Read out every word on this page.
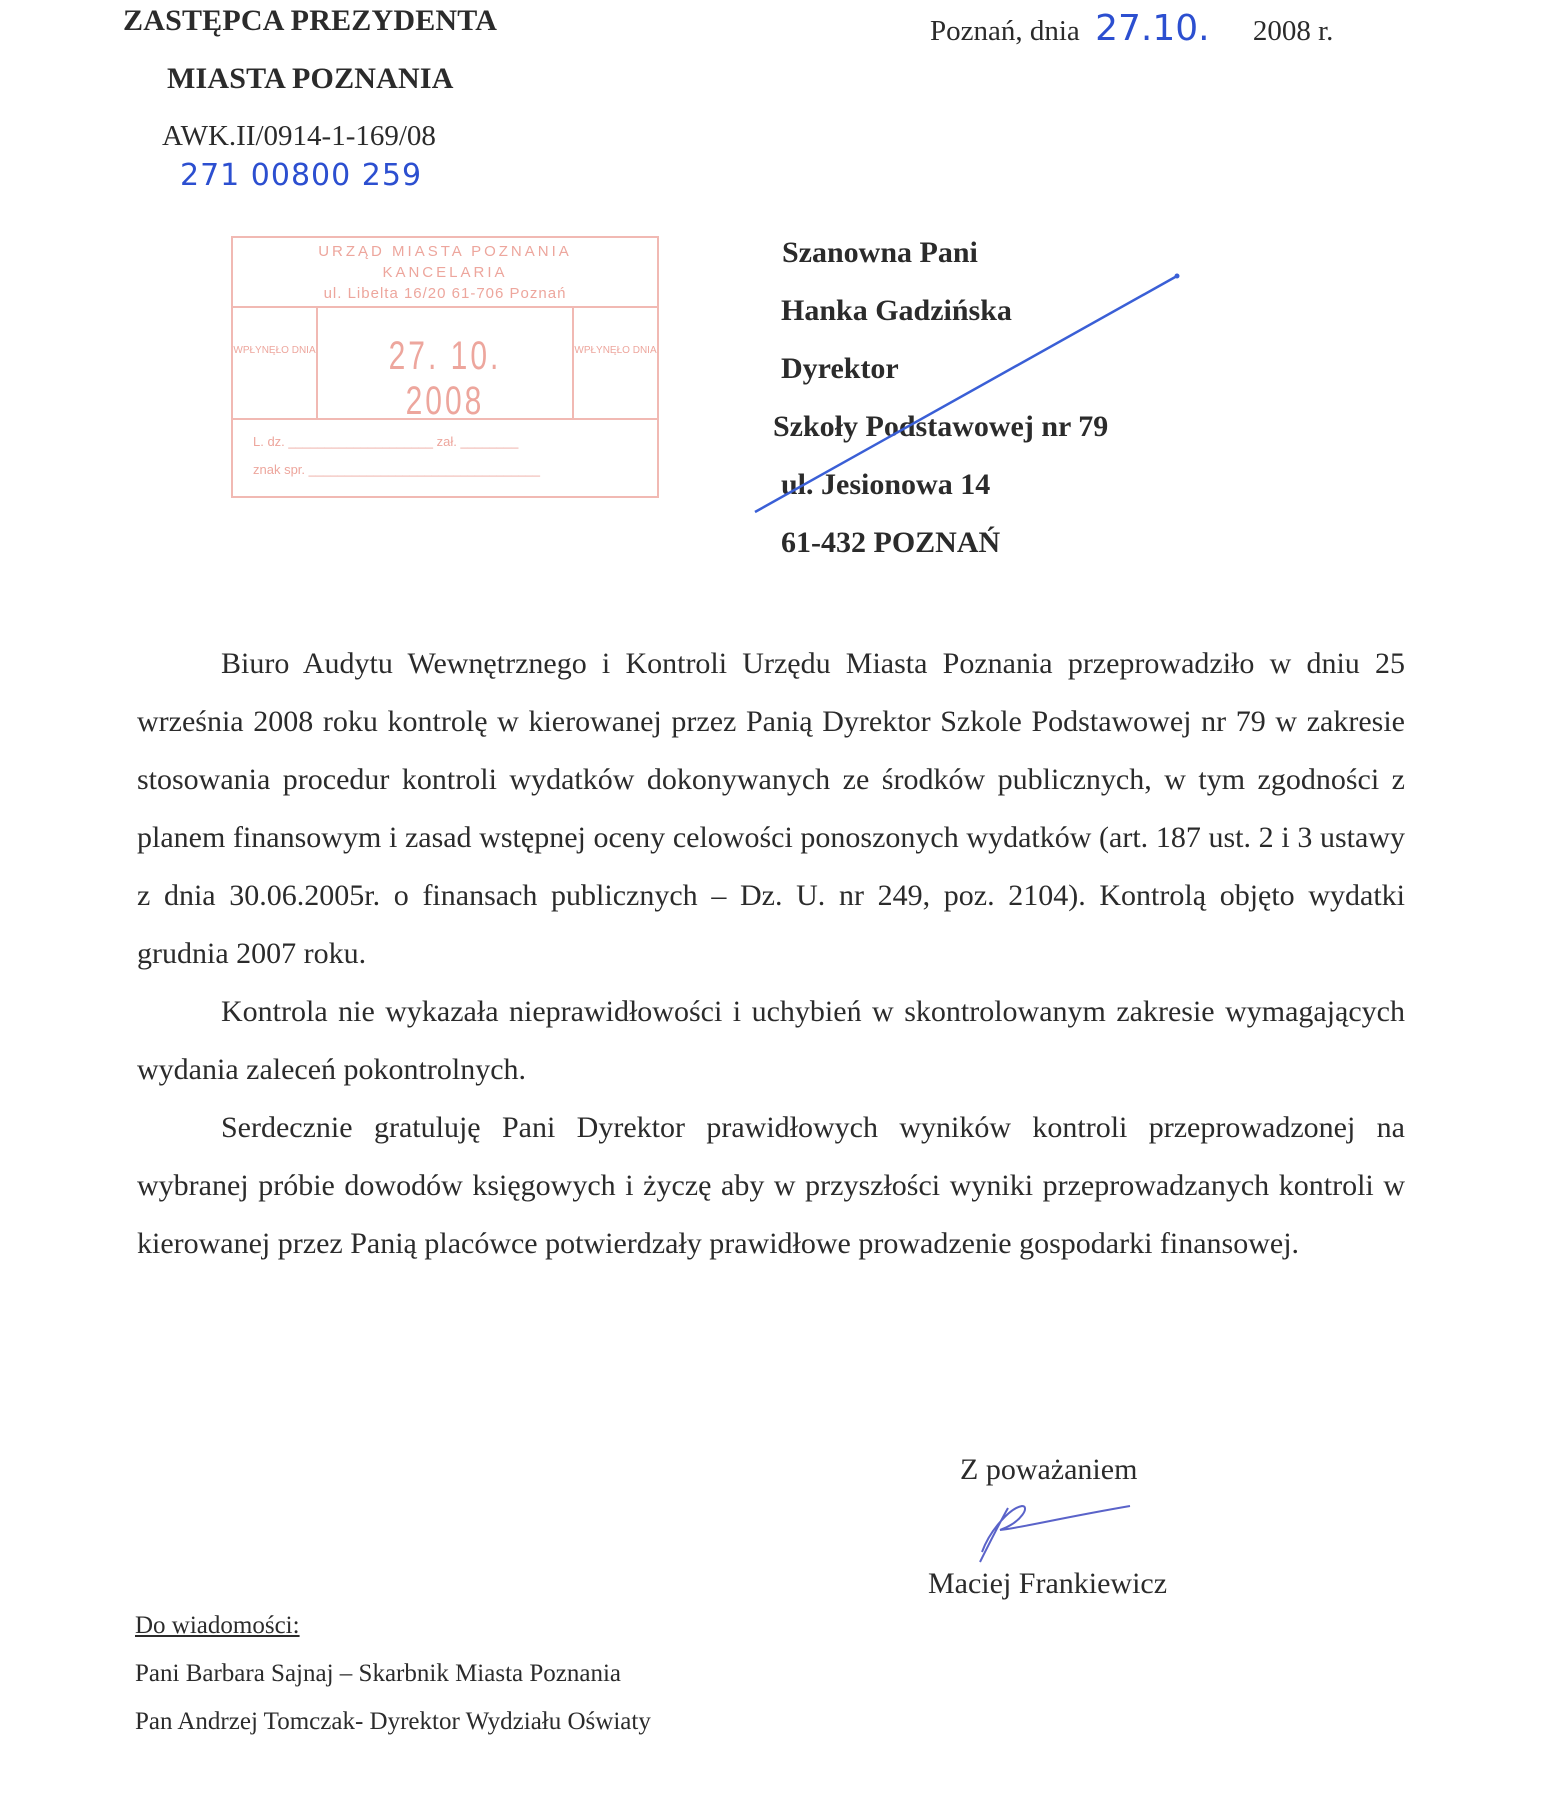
ZASTĘPCA PREZYDENTA
MIASTA POZNANIA
AWK.II/0914-1-169/08
271 00800 259
Poznań, dnia 27.10. 2008 r.
URZĄD MIASTA POZNANIA
KANCELARIA
ul. Libelta 16/20 61-706 Poznań
WPŁYNĘŁO DNIA	27. 10. 2008
WPŁYNĘŁO DNIA
L. dz. ____________________ zał. ________
znak spr. ________________________________
Szanowna Pani
Hanka Gadzińska
Dyrektor
Szkoły Podstawowej nr 79
ul. Jesionowa 14
61-432 POZNAŃ
Biuro Audytu Wewnętrznego i Kontroli Urzędu Miasta Poznania przeprowadziło w dniu 25 września 2008 roku kontrolę w kierowanej przez Panią Dyrektor Szkole Podstawowej nr 79 w zakresie stosowania procedur kontroli wydatków dokonywanych ze środków publicznych, w tym zgodności z planem finansowym i zasad wstępnej oceny celowości ponoszonych wydatków (art. 187 ust. 2 i 3 ustawy z dnia 30.06.2005r. o finansach publicznych – Dz. U. nr 249, poz. 2104). Kontrolą objęto wydatki grudnia 2007 roku.
Kontrola nie wykazała nieprawidłowości i uchybień w skontrolowanym zakresie wymagających wydania zaleceń pokontrolnych.
Serdecznie gratuluję Pani Dyrektor prawidłowych wyników kontroli przeprowadzonej na wybranej próbie dowodów księgowych i życzę aby w przyszłości wyniki przeprowadzanych kontroli w kierowanej przez Panią placówce potwierdzały prawidłowe prowadzenie gospodarki finansowej.
Z poważaniem
Maciej Frankiewicz
Do wiadomości:
Pani Barbara Sajnaj – Skarbnik Miasta Poznania
Pan Andrzej Tomczak- Dyrektor Wydziału Oświaty
